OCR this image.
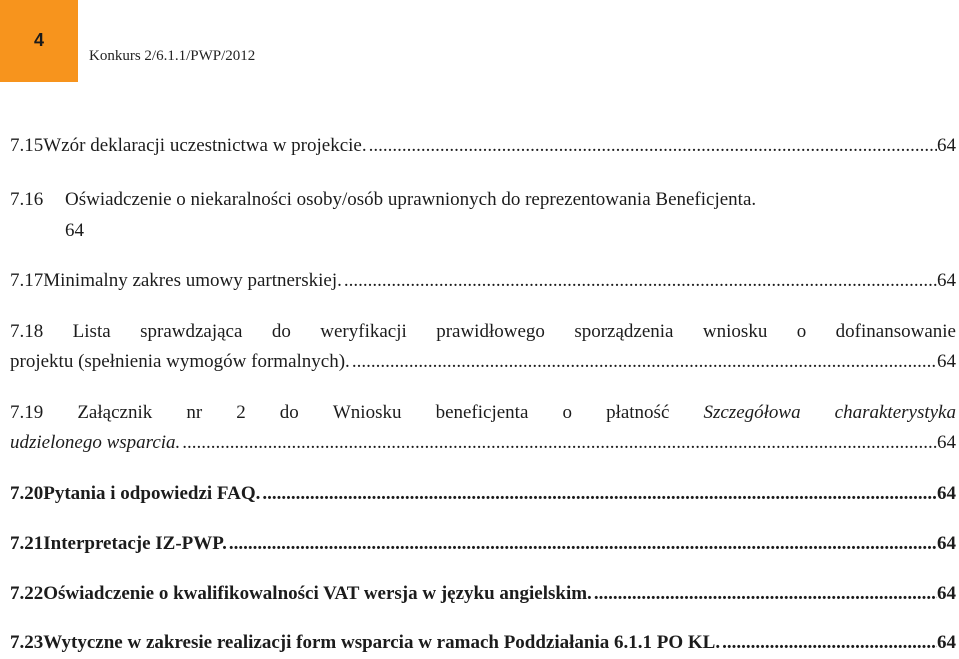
4
Konkurs 2/6.1.1/PWP/2012
7.15 Wzór deklaracji uczestnictwa w projekcie. .....	64
7.16 Oświadczenie o niekaralności osoby/osób uprawnionych do reprezentowania Beneficjenta.
64
7.17 Minimalny zakres umowy partnerskiej. .....	64
7.18 Lista sprawdzająca do weryfikacji prawidłowego sporządzenia wniosku o dofinansowanie
projektu (spełnienia wymogów formalnych). .....	64
7.19 Załącznik nr 2 do Wniosku beneficjenta o płatność Szczegółowa charakterystyka
udzielonego wsparcia. .....	64
7.20 Pytania i odpowiedzi FAQ. .....	64
7.21 Interpretacje IZ-PWP. .....	64
7.22 Oświadczenie o kwalifikowalności VAT wersja w języku angielskim. .....	64
7.23 Wytyczne w zakresie realizacji form wsparcia w ramach Poddziałania 6.1.1 PO KL. .....	64
